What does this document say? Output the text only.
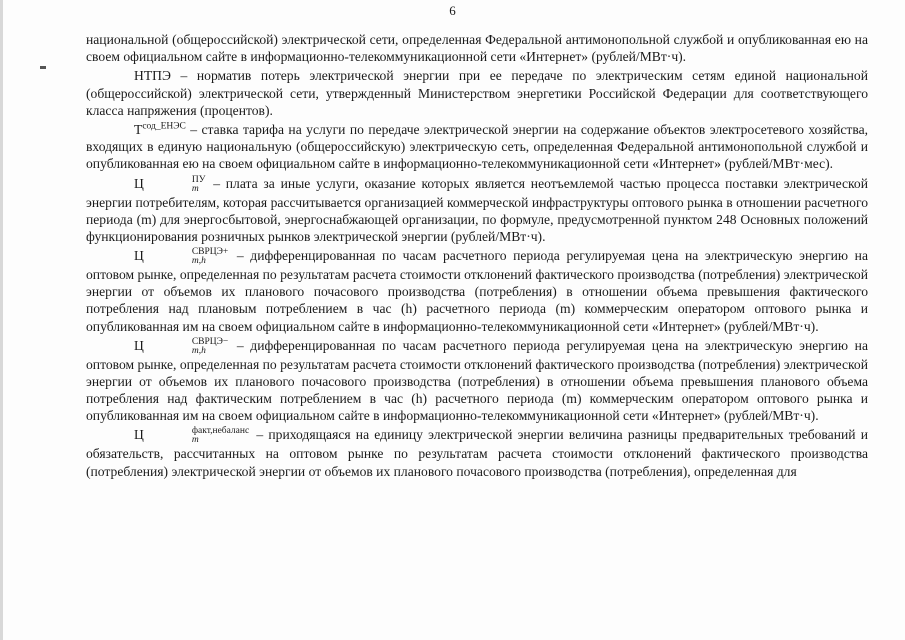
6

национальной (общероссийской) электрической сети, определенная Федеральной антимонопольной службой и опубликованная ею на своем официальном сайте в информационно-телекоммуникационной сети «Интернет» (рублей/МВт·ч).

НТПЭ – норматив потерь электрической энергии при ее передаче по электрическим сетям единой национальной (общероссийской) электрической сети, утвержденный Министерством энергетики Российской Федерации для соответствующего класса напряжения (процентов).

$Т^{сод\_ЕНЭС}$ – ставка тарифа на услуги по передаче электрической энергии на содержание объектов электросетевого хозяйства, входящих в единую национальную (общероссийскую) электрическую сеть, определенная Федеральной антимонопольной службой и опубликованная ею на своем официальном сайте в информационно-телекоммуникационной сети «Интернет» (рублей/МВт·мес).

Ц	ПУ
m – плата за иные услуги, оказание которых является неотъемлемой частью процесса поставки электрической энергии потребителям, которая рассчитывается организацией коммерческой инфраструктуры оптового рынка в отношении расчетного периода (m) для энергосбытовой, энергоснабжающей организации, по формуле, предусмотренной пунктом 248 Основных положений функционирования розничных рынков электрической энергии (рублей/МВт·ч).

Ц	СВРЦЭ+
m,h	– дифференцированная по часам расчетного периода регулируемая цена на электрическую энергию на оптовом рынке, определенная по результатам расчета стоимости отклонений фактического производства (потребления) электрической энергии от объемов их планового почасового производства (потребления) в отношении объема превышения фактического потребления над плановым потреблением в час (h) расчетного периода (m) коммерческим оператором оптового рынка и опубликованная им на своем официальном сайте в информационно-телекоммуникационной сети «Интернет» (рублей/МВт·ч).

Ц	СВРЦЭ−
m,h	– дифференцированная по часам расчетного периода регулируемая цена на электрическую энергию на оптовом рынке, определенная по результатам расчета стоимости отклонений фактического производства (потребления) электрической энергии от объемов их планового почасового производства (потребления) в отношении объема превышения планового объема потребления над фактическим потреблением в час (h) расчетного периода (m) коммерческим оператором оптового рынка и опубликованная им на своем официальном сайте в информационно-телекоммуникационной сети «Интернет» (рублей/МВт·ч).

Ц	факт,небаланс
m	– приходящаяся на единицу электрической энергии величина разницы предварительных требований и обязательств, рассчитанных на оптовом рынке по результатам расчета стоимости отклонений фактического производства (потребления) электрической энергии от объемов их планового почасового производства (потребления), определенная для
